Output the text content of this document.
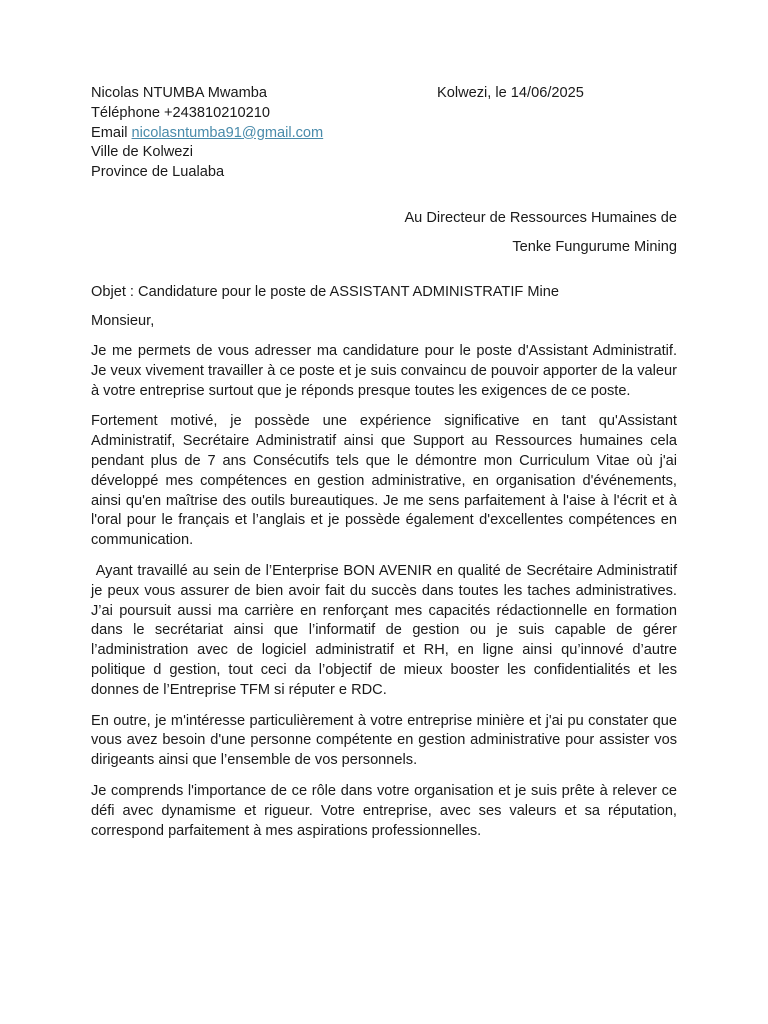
Nicolas NTUMBA Mwamba
Téléphone +243810210210
Email nicolasntumba91@gmail.com
Ville de Kolwezi
Province de Lualaba
Kolwezi, le 14/06/2025
Au Directeur de Ressources Humaines de
Tenke Fungurume Mining
Objet : Candidature pour le poste de ASSISTANT ADMINISTRATIF Mine
Monsieur,

Je me permets de vous adresser ma candidature pour le poste d'Assistant Administratif. Je veux vivement travailler à ce poste et je suis convaincu de pouvoir apporter de la valeur à votre entreprise surtout que je réponds presque toutes les exigences de ce poste.

Fortement motivé, je possède une expérience significative en tant qu'Assistant Administratif, Secrétaire Administratif ainsi que Support au Ressources humaines cela pendant plus de 7 ans Consécutifs tels que le démontre mon Curriculum Vitae où j'ai développé mes compétences en gestion administrative, en organisation d'événements, ainsi qu'en maîtrise des outils bureautiques. Je me sens parfaitement à l'aise à l'écrit et à l'oral pour le français et l’anglais et je possède également d'excellentes compétences en communication.

Ayant travaillé au sein de l’Enterprise BON AVENIR en qualité de Secrétaire Administratif je peux vous assurer de bien avoir fait du succès dans toutes les taches administratives. J’ai poursuit aussi ma carrière en renforçant mes capacités rédactionnelle en formation dans le secrétariat ainsi que l’informatif de gestion ou je suis capable de gérer l’administration avec de logiciel administratif et RH, en ligne ainsi qu’innové d’autre politique d gestion, tout ceci da l’objectif de mieux booster les confidentialités et les donnes de l’Entreprise TFM si réputer e RDC.

En outre, je m'intéresse particulièrement à votre entreprise minière et j'ai pu constater que vous avez besoin d'une personne compétente en gestion administrative pour assister vos dirigeants ainsi que l’ensemble de vos personnels.

Je comprends l'importance de ce rôle dans votre organisation et je suis prête à relever ce défi avec dynamisme et rigueur. Votre entreprise, avec ses valeurs et sa réputation, correspond parfaitement à mes aspirations professionnelles.
